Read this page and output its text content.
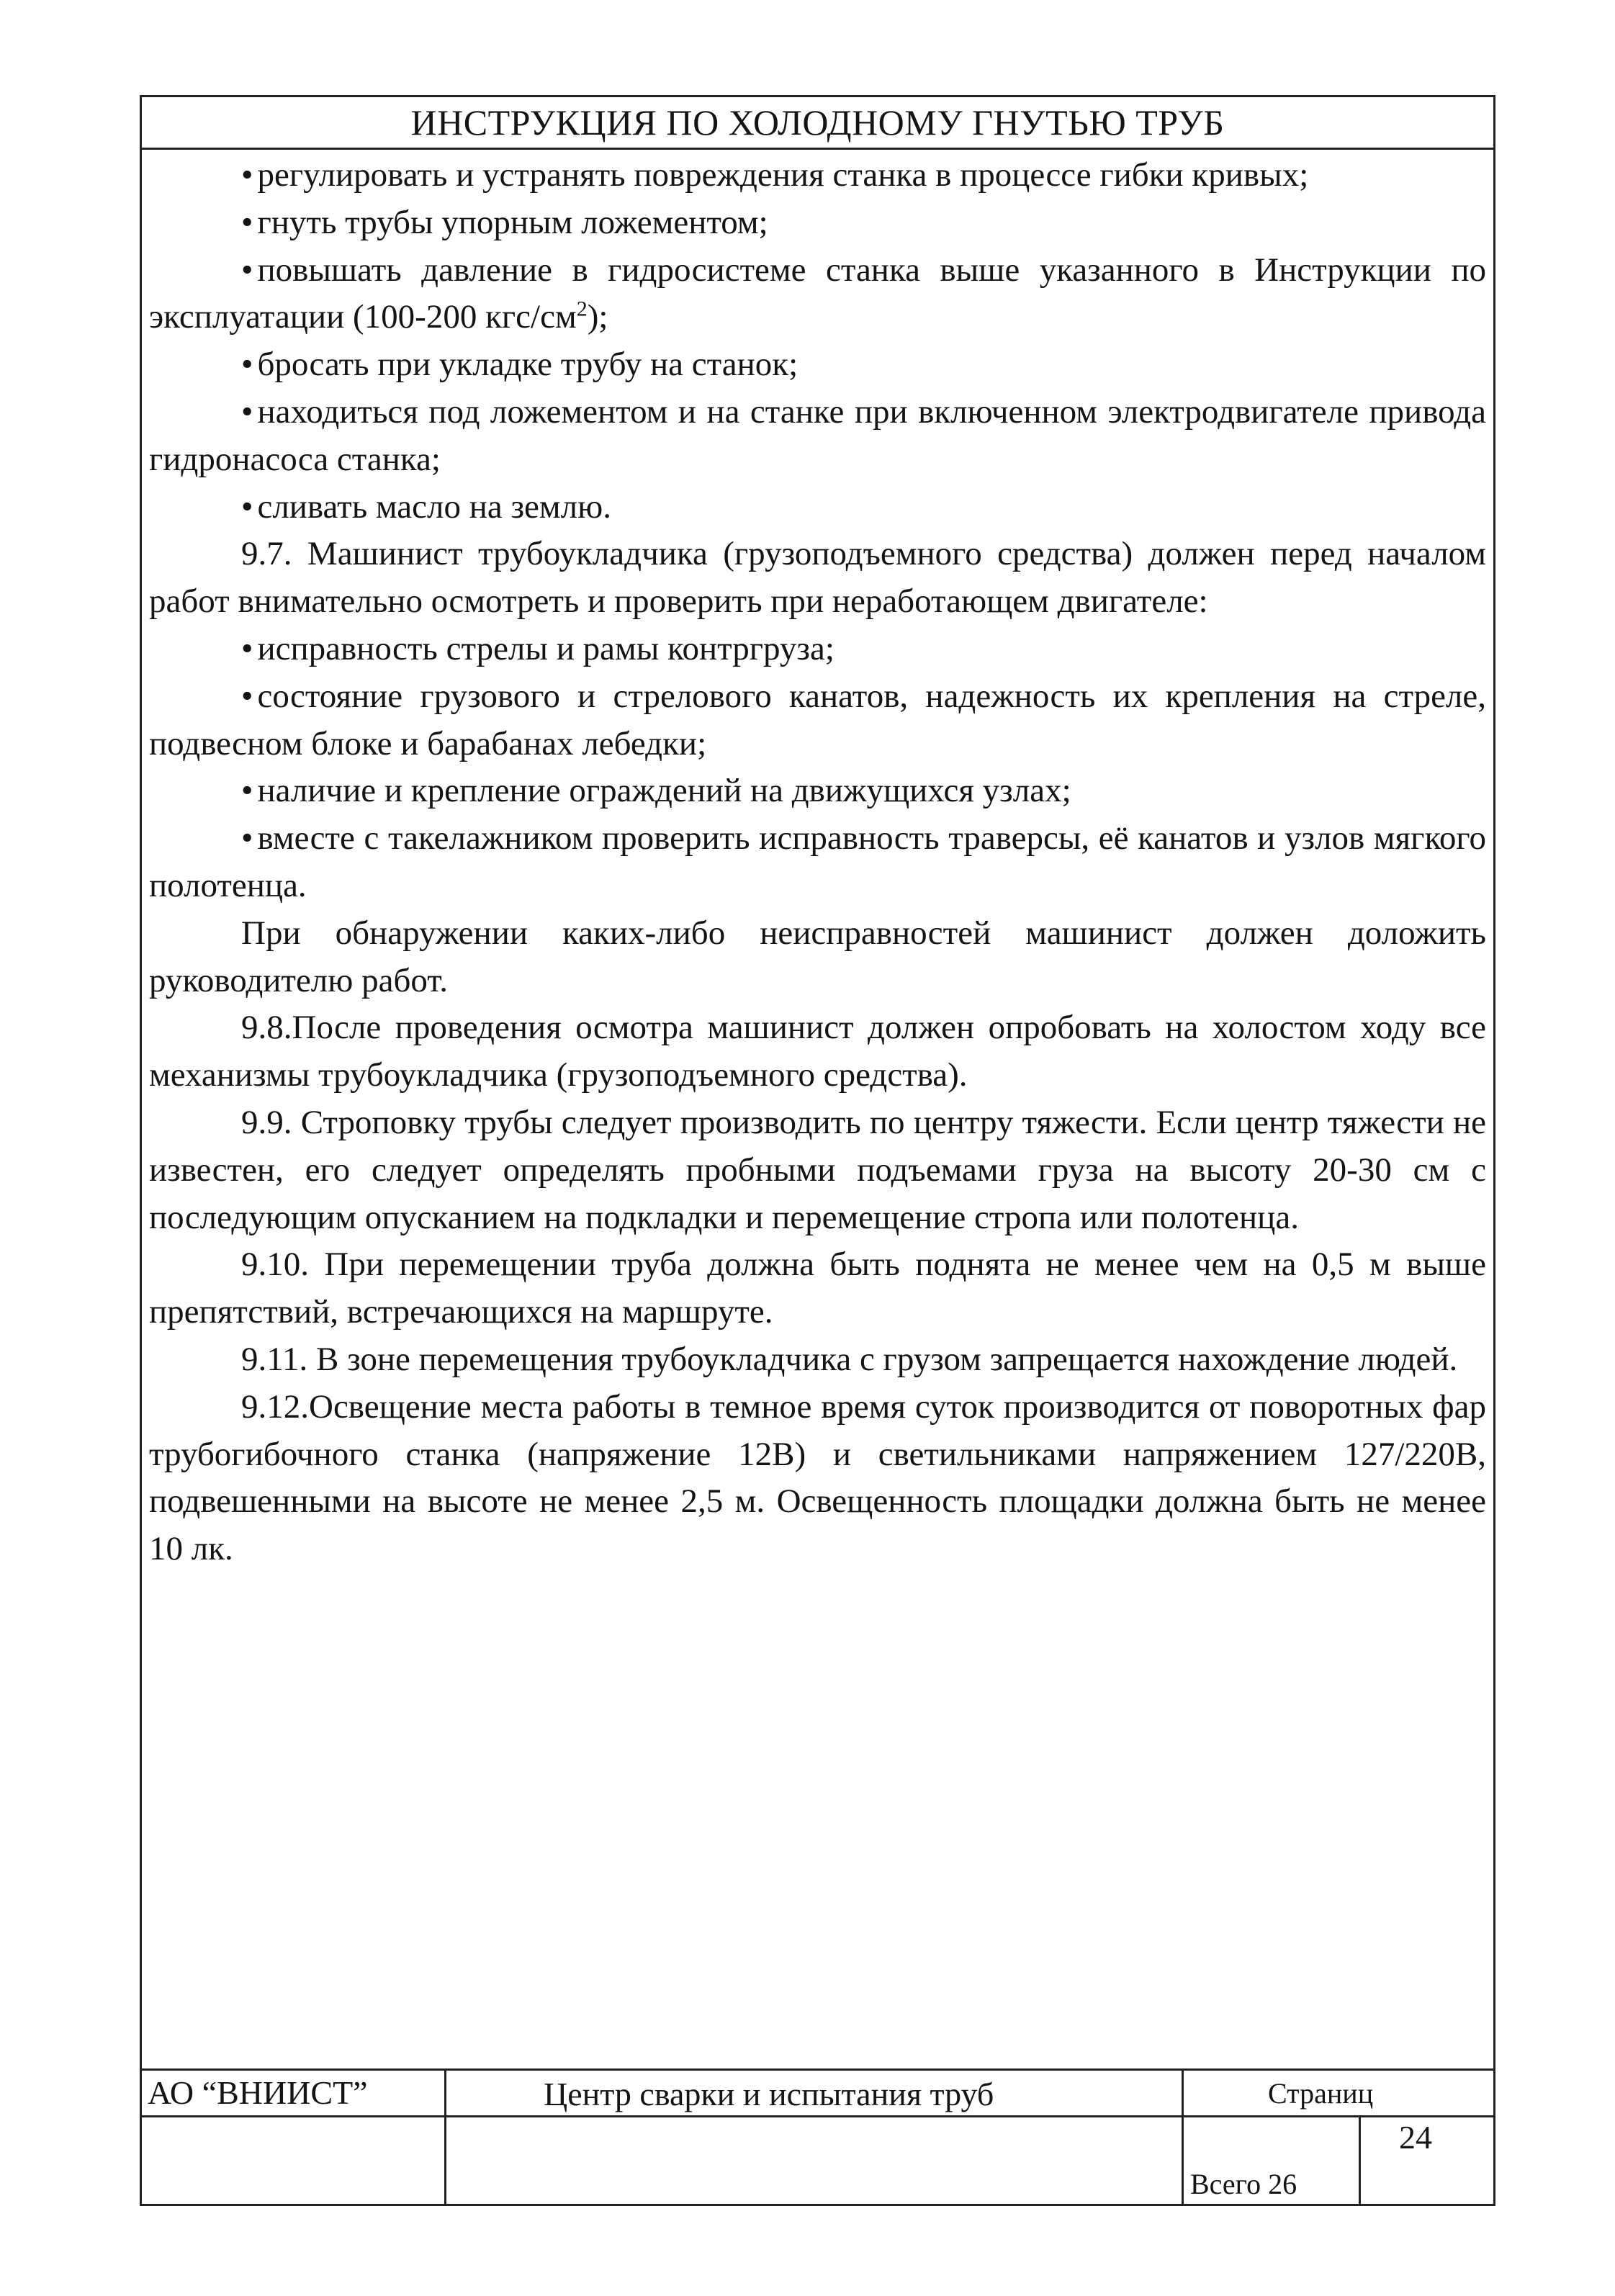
ИНСТРУКЦИЯ ПО ХОЛОДНОМУ ГНУТЬЮ ТРУБ

• регулировать и устранять повреждения станка в процессе гибки кривых;

• гнуть трубы упорным ложементом;

• повышать давление в гидросистеме станка выше указанного в Инструкции по эксплуатации (100-200 кгс/$см^2$);

• бросать при укладке трубу на станок;

• находиться под ложементом и на станке при включенном электродвигателе привода гидронасоса станка;

• сливать масло на землю.

9.7. Машинист трубоукладчика (грузоподъемного средства) должен перед началом работ внимательно осмотреть и проверить при неработающем двигателе:

• исправность стрелы и рамы контргруза;

• состояние грузового и стрелового канатов, надежность их крепления на стреле, подвесном блоке и барабанах лебедки;

• наличие и крепление ограждений на движущихся узлах;

• вместе с такелажником проверить исправность траверсы, её канатов и узлов мягкого полотенца.

При обнаружении каких-либо неисправностей машинист должен доложить руководителю работ.

9.8.После проведения осмотра машинист должен опробовать на холостом ходу все механизмы трубоукладчика (грузоподъемного средства).

9.9. Строповку трубы следует производить по центру тяжести. Если центр тяжести не известен, его следует определять пробными подъемами груза на высоту 20-30 см с последующим опусканием на подкладки и перемещение стропа или полотенца.

9.10. При перемещении труба должна быть поднята не менее чем на 0,5 м выше препятствий, встречающихся на маршруте.

9.11. В зоне перемещения трубоукладчика с грузом запрещается нахождение людей.

9.12.Освещение места работы в темное время суток производится от поворотных фар трубогибочного станка (напряжение 12В) и светильниками напряжением 127/220В, подвешенными на высоте не менее 2,5 м. Освещенность площадки должна быть не менее 10 лк.

АО “ВНИИСТ”	Центр сварки и испытания труб	Страниц
24
Всего 26
